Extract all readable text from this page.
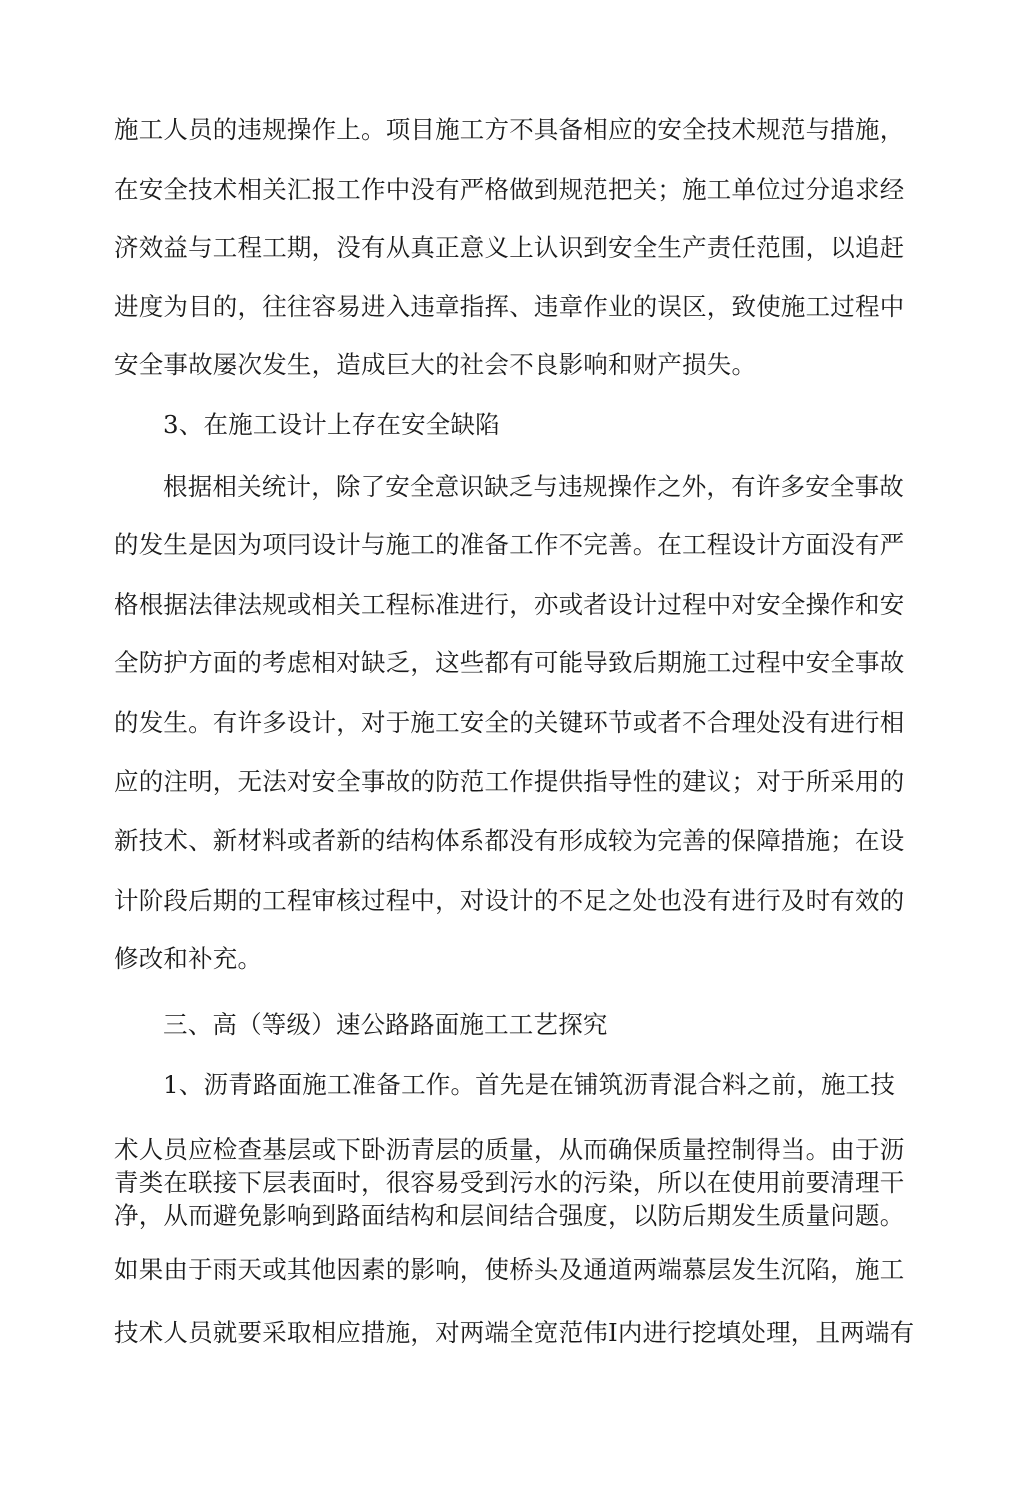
施工人员的违规操作上。项目施工方不具备相应的安全技术规范与措施，
在安全技术相关汇报工作中没有严格做到规范把关；施工单位过分追求经
济效益与工程工期，没有从真正意义上认识到安全生产责任范围，以追赶
进度为目的，往往容易进入违章指挥、违章作业的误区，致使施工过程中
安全事故屡次发生，造成巨大的社会不良影响和财产损失。
3、在施工设计上存在安全缺陷
根据相关统计，除了安全意识缺乏与违规操作之外，有许多安全事故
的发生是因为项冃设计与施工的准备工作不完善。在工程设计方面没有严
格根据法律法规或相关工程标准进行，亦或者设计过程中对安全操作和安
全防护方面的考虑相对缺乏，这些都有可能导致后期施工过程中安全事故
的发生。有许多设计，对于施工安全的关键环节或者不合理处没有进行相
应的注明，无法对安全事故的防范工作提供指导性的建议；对于所采用的
新技术、新材料或者新的结构体系都没有形成较为完善的保障措施；在设
计阶段后期的工程审核过程中，对设计的不足之处也没有进行及时有效的
修改和补充。
三、高（等级）速公路路面施工工艺探究
1、沥青路面施工准备工作。首先是在铺筑沥青混合料之前，施工技
术人员应检查基层或下卧沥青层的质量，从而确保质量控制得当。由于沥
青类在联接下层表面时，很容易受到污水的污染，所以在使用前要清理干
净，从而避免影响到路面结构和层间结合强度，以防后期发生质量问题。
如果由于雨天或其他因素的影响，使桥头及通道两端慕层发生沉陷，施工
技术人员就要采取相应措施，对两端全宽范伟I内进行挖填处理，且两端有
